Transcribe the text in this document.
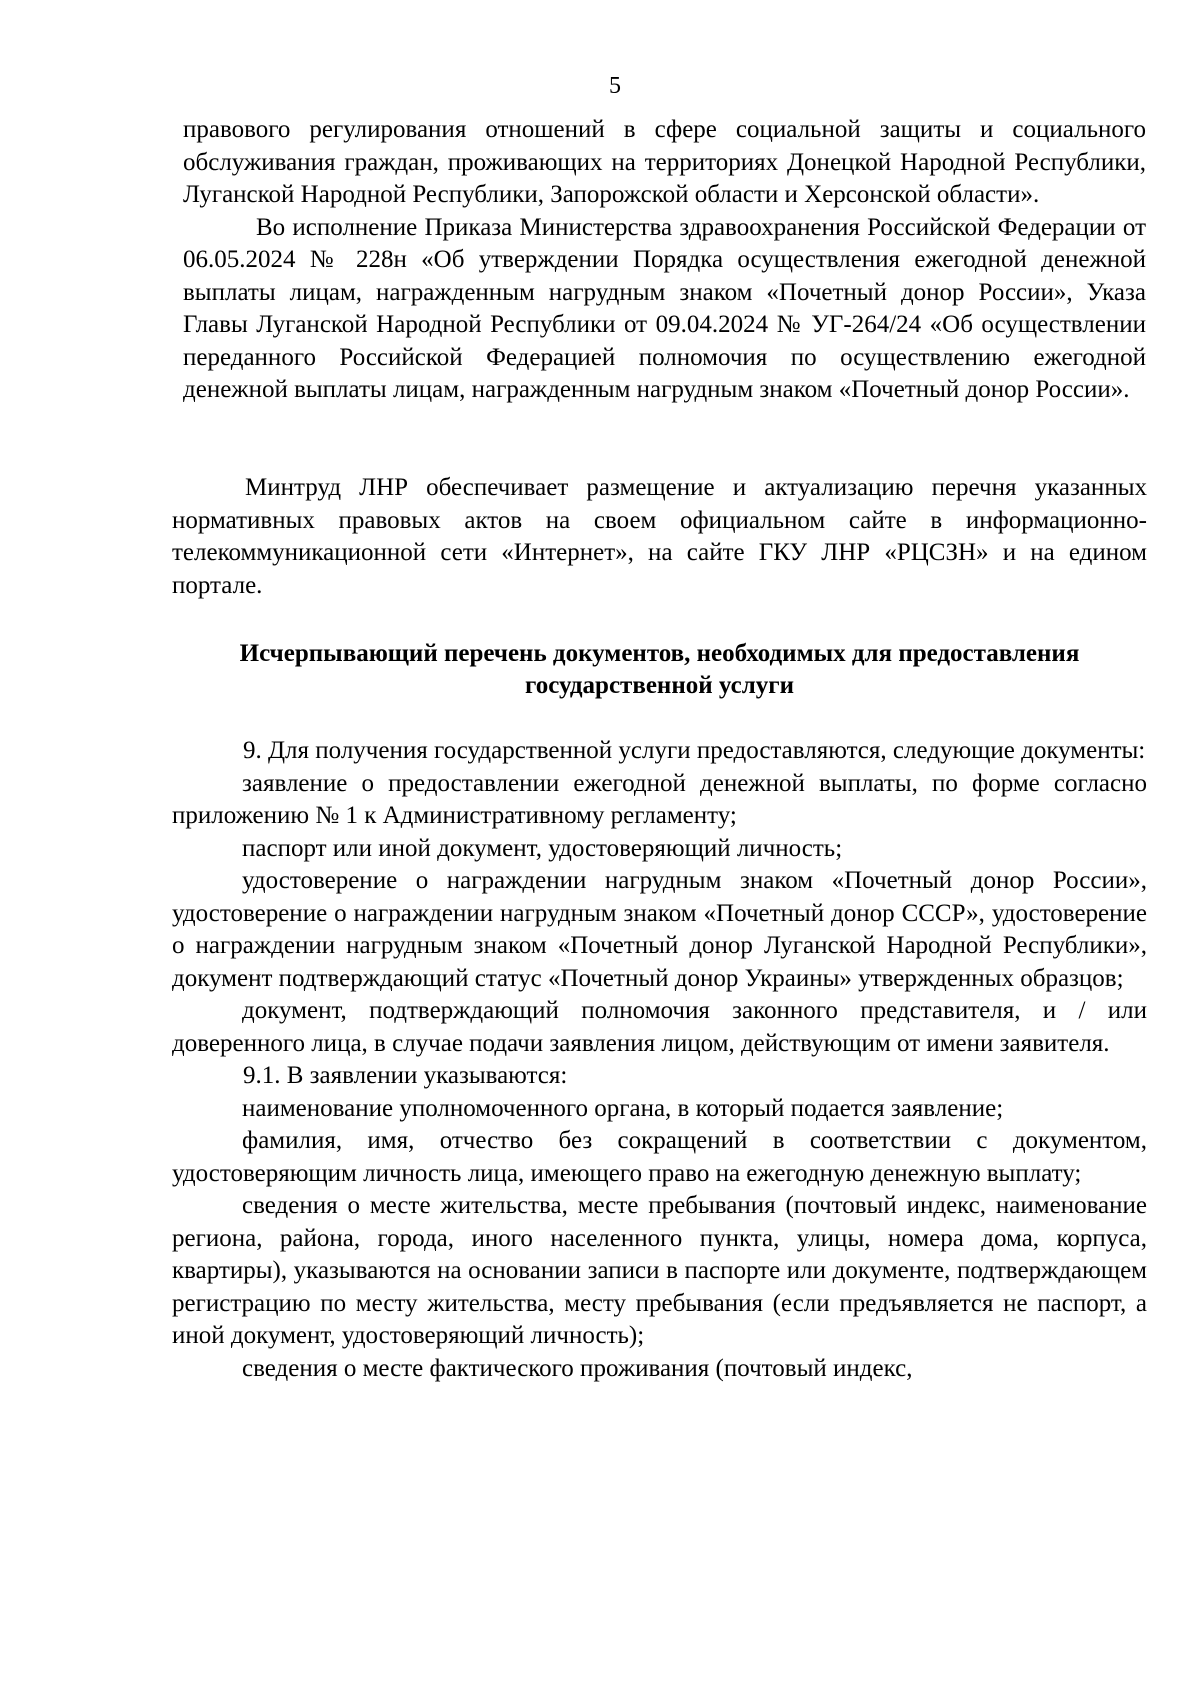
5

правового регулирования отношений в сфере социальной защиты и социального обслуживания граждан, проживающих на территориях Донецкой Народной Республики, Луганской Народной Республики, Запорожской области и Херсонской области».

Во исполнение Приказа Министерства здравоохранения Российской Федерации от 06.05.2024 № 228н «Об утверждении Порядка осуществления ежегодной денежной выплаты лицам, награжденным нагрудным знаком «Почетный донор России», Указа Главы Луганской Народной Республики от 09.04.2024 № УГ-264/24 «Об осуществлении переданного Российской Федерацией полномочия по осуществлению ежегодной денежной выплаты лицам, награжденным нагрудным знаком «Почетный донор России».

Минтруд ЛНР обеспечивает размещение и актуализацию перечня указанных нормативных правовых актов на своем официальном сайте в информационно-телекоммуникационной сети «Интернет», на сайте ГКУ ЛНР «РЦСЗН» и на едином портале.

Исчерпывающий перечень документов, необходимых для предоставления
государственной услуги

9. Для получения государственной услуги предоставляются, следующие документы:

заявление о предоставлении ежегодной денежной выплаты, по форме согласно приложению № 1 к Административному регламенту;

паспорт или иной документ, удостоверяющий личность;

удостоверение о награждении нагрудным знаком «Почетный донор России», удостоверение о награждении нагрудным знаком «Почетный донор СССР», удостоверение о награждении нагрудным знаком «Почетный донор Луганской Народной Республики», документ подтверждающий статус «Почетный донор Украины» утвержденных образцов;

документ, подтверждающий полномочия законного представителя, и / или доверенного лица, в случае подачи заявления лицом, действующим от имени заявителя.

9.1. В заявлении указываются:

наименование уполномоченного органа, в который подается заявление;

фамилия, имя, отчество без сокращений в соответствии с документом, удостоверяющим личность лица, имеющего право на ежегодную денежную выплату;

сведения о месте жительства, месте пребывания (почтовый индекс, наименование региона, района, города, иного населенного пункта, улицы, номера дома, корпуса, квартиры), указываются на основании записи в паспорте или документе, подтверждающем регистрацию по месту жительства, месту пребывания (если предъявляется не паспорт, а иной документ, удостоверяющий личность);

сведения о месте фактического проживания (почтовый индекс,
